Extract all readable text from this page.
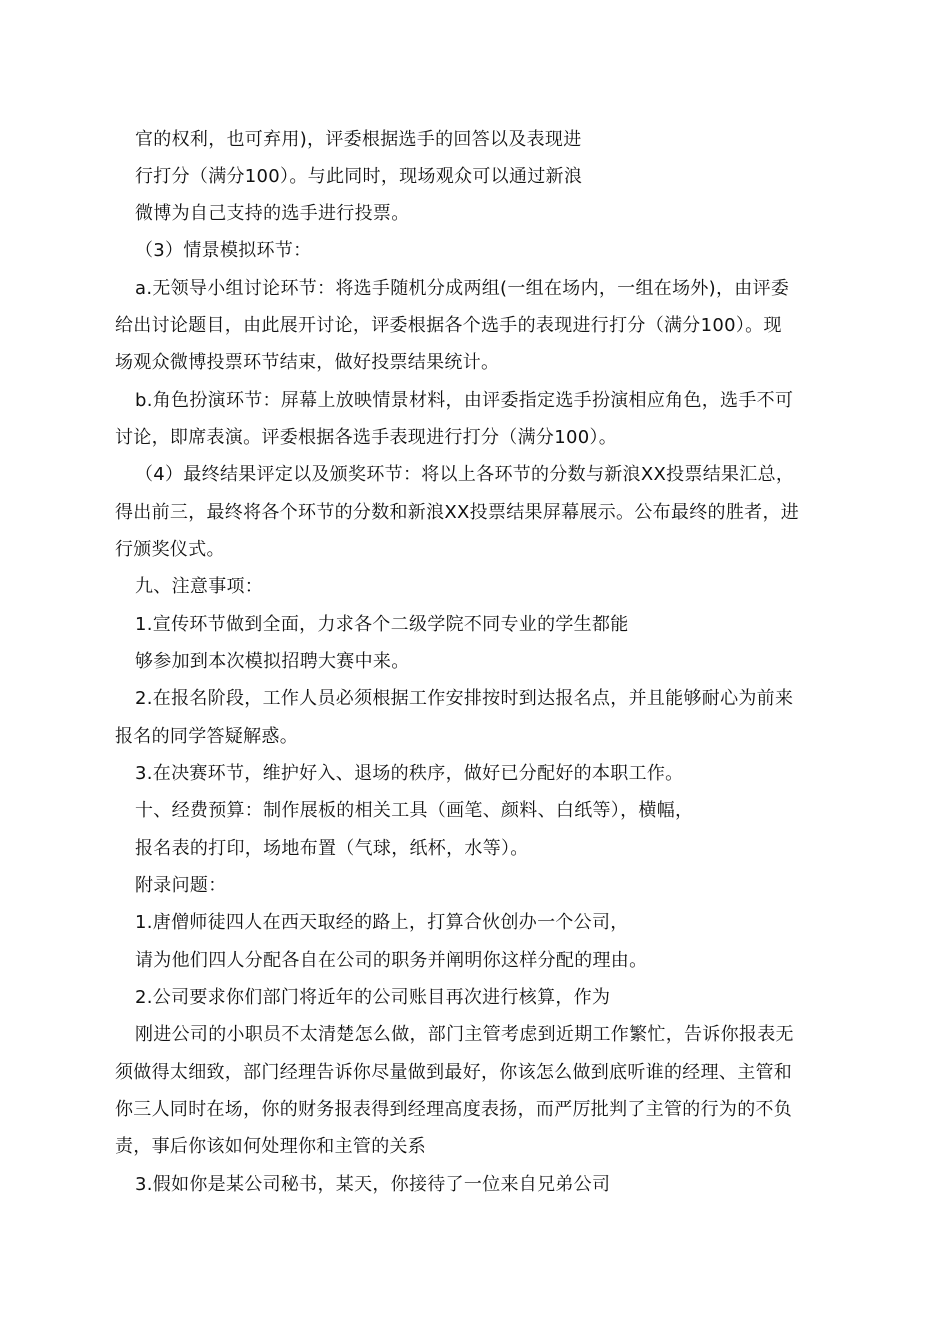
官的权利，也可弃用)，评委根据选手的回答以及表现进
行打分（满分100）。与此同时，现场观众可以通过新浪
微博为自己支持的选手进行投票。
（3）情景模拟环节：
a.无领导小组讨论环节：将选手随机分成两组(一组在场内，一组在场外)，由评委
给出讨论题目，由此展开讨论，评委根据各个选手的表现进行打分（满分100）。现
场观众微博投票环节结束，做好投票结果统计。
b.角色扮演环节：屏幕上放映情景材料，由评委指定选手扮演相应角色，选手不可
讨论，即席表演。评委根据各选手表现进行打分（满分100）。
（4）最终结果评定以及颁奖环节：将以上各环节的分数与新浪XX投票结果汇总，
得出前三，最终将各个环节的分数和新浪XX投票结果屏幕展示。公布最终的胜者，进
行颁奖仪式。
九、注意事项：
1.宣传环节做到全面，力求各个二级学院不同专业的学生都能
够参加到本次模拟招聘大赛中来。
2.在报名阶段，工作人员必须根据工作安排按时到达报名点，并且能够耐心为前来
报名的同学答疑解惑。
3.在决赛环节，维护好入、退场的秩序，做好已分配好的本职工作。
十、经费预算：制作展板的相关工具（画笔、颜料、白纸等），横幅，
报名表的打印，场地布置（气球，纸杯，水等）。
附录问题：
1.唐僧师徒四人在西天取经的路上，打算合伙创办一个公司，
请为他们四人分配各自在公司的职务并阐明你这样分配的理由。
2.公司要求你们部门将近年的公司账目再次进行核算，作为
刚进公司的小职员不太清楚怎么做，部门主管考虑到近期工作繁忙，告诉你报表无
须做得太细致，部门经理告诉你尽量做到最好，你该怎么做到底听谁的经理、主管和
你三人同时在场，你的财务报表得到经理高度表扬，而严厉批判了主管的行为的不负
责，事后你该如何处理你和主管的关系
3.假如你是某公司秘书，某天，你接待了一位来自兄弟公司
